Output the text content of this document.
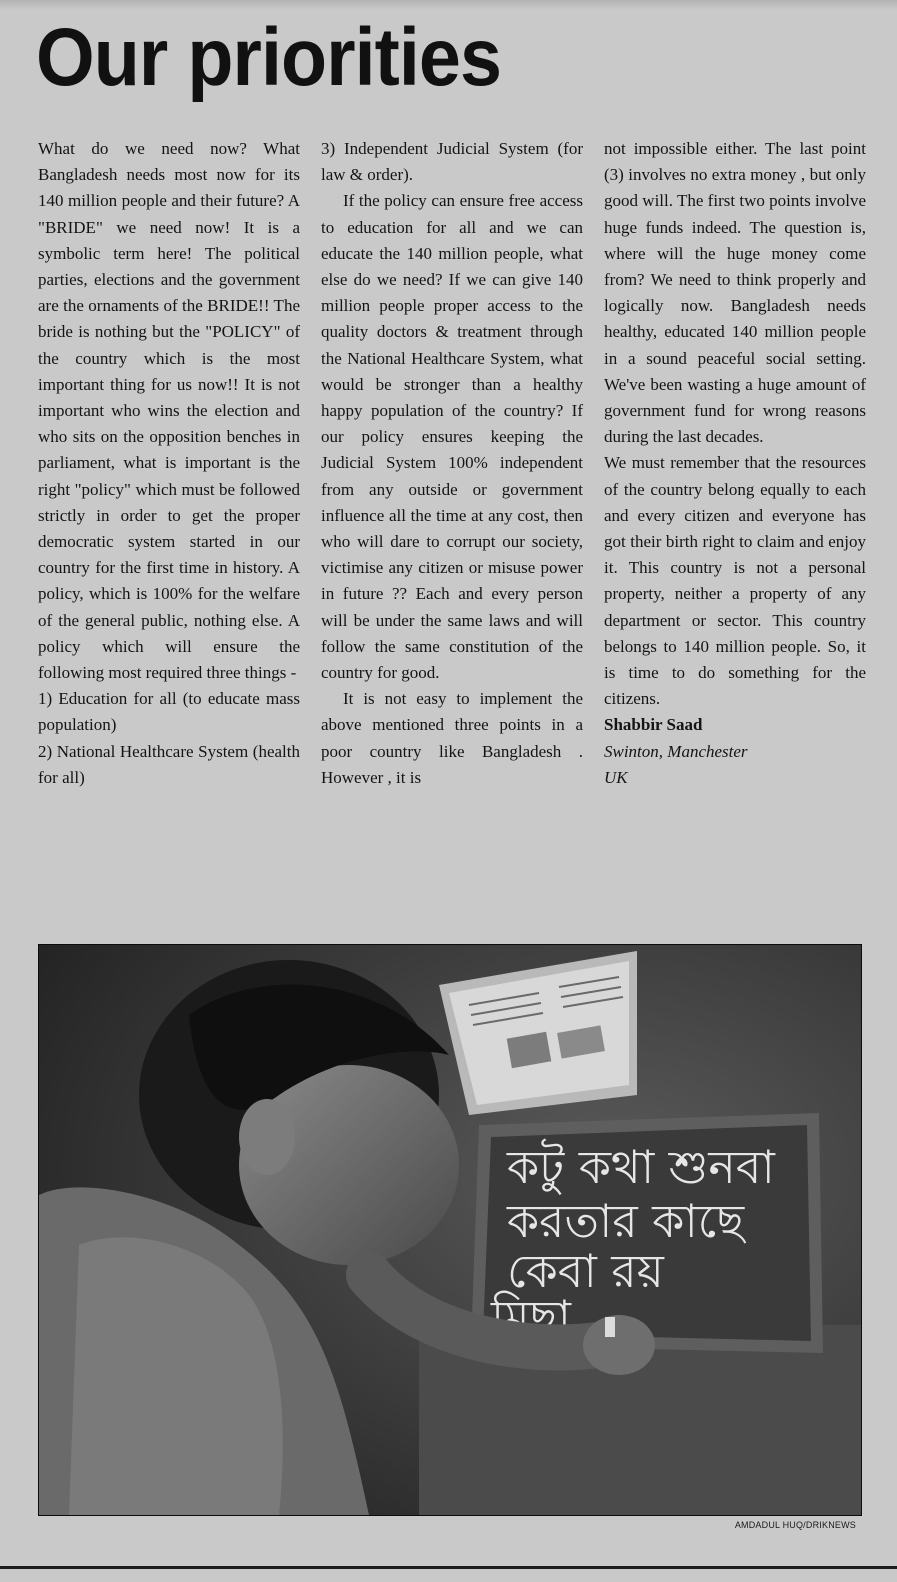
Our priorities

What do we need now? What Bangladesh needs most now for its 140 million people and their future? A "BRIDE" we need now! It is a symbolic term here! The political parties, elections and the government are the ornaments of the BRIDE!! The bride is nothing but the "POLICY" of the country which is the most important thing for us now!! It is not important who wins the election and who sits on the opposition benches in parliament, what is important is the right "policy" which must be followed strictly in order to get the proper democratic system started in our country for the first time in history. A policy, which is 100% for the welfare of the general public, nothing else. A policy which will ensure the following most required three things -

1) Education for all (to educate mass population)

2) National Healthcare System (health for all)

3) Independent Judicial System (for law & order).

If the policy can ensure free access to education for all and we can educate the 140 million people, what else do we need? If we can give 140 million people proper access to the quality doctors & treatment through the National Healthcare System, what would be stronger than a healthy happy population of the country? If our policy ensures keeping the Judicial System 100% independent from any outside or government influence all the time at any cost, then who will dare to corrupt our society, victimise any citizen or misuse power in future ?? Each and every person will be under the same laws and will follow the same constitution of the country for good.

It is not easy to implement the above mentioned three points in a poor country like Bangladesh . However , it is

not impossible either. The last point (3) involves no extra money , but only good will. The first two points involve huge funds indeed. The question is, where will the huge money come from? We need to think properly and logically now. Bangladesh needs healthy, educated 140 million people in a sound peaceful social setting. We've been wasting a huge amount of government fund for wrong reasons during the last decades.

We must remember that the resources of the country belong equally to each and every citizen and everyone has got their birth right to claim and enjoy it. This country is not a personal property, neither a property of any department or sector. This country belongs to 140 million people. So, it is time to do something for the citizens.

Shabbir Saad

Swinton, Manchester

UK

কটু কথা শুনবা
করতার কাছে
কেবা রয়
মিছা
AMDADUL HUQ/DRIKNEWS
